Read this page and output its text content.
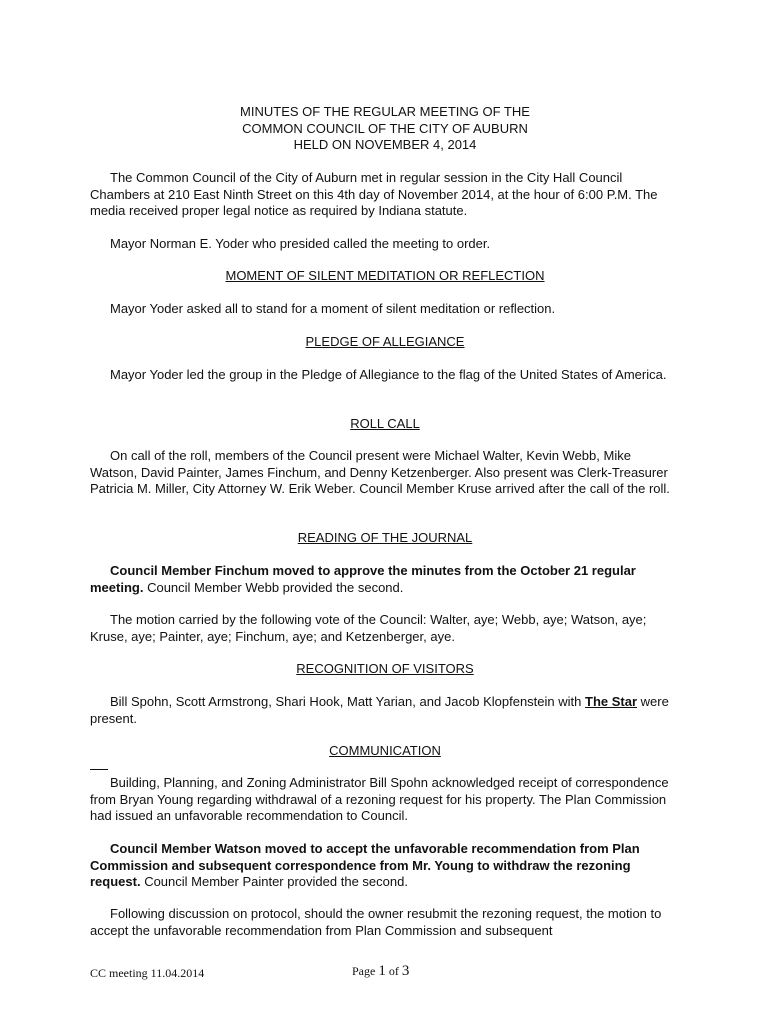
MINUTES OF THE REGULAR MEETING OF THE
COMMON COUNCIL OF THE CITY OF AUBURN
HELD ON NOVEMBER 4, 2014
The Common Council of the City of Auburn met in regular session in the City Hall Council Chambers at 210 East Ninth Street on this 4th day of November 2014, at the hour of 6:00 P.M. The media received proper legal notice as required by Indiana statute.
Mayor Norman E. Yoder who presided called the meeting to order.
MOMENT OF SILENT MEDITATION OR REFLECTION
Mayor Yoder asked all to stand for a moment of silent meditation or reflection.
PLEDGE OF ALLEGIANCE
Mayor Yoder led the group in the Pledge of Allegiance to the flag of the United States of America.
ROLL CALL
On call of the roll, members of the Council present were Michael Walter, Kevin Webb, Mike Watson, David Painter, James Finchum, and Denny Ketzenberger. Also present was Clerk-Treasurer Patricia M. Miller, City Attorney W. Erik Weber. Council Member Kruse arrived after the call of the roll.
READING OF THE JOURNAL
Council Member Finchum moved to approve the minutes from the October 21 regular meeting. Council Member Webb provided the second.
The motion carried by the following vote of the Council: Walter, aye; Webb, aye; Watson, aye; Kruse, aye; Painter, aye; Finchum, aye; and Ketzenberger, aye.
RECOGNITION OF VISITORS
Bill Spohn, Scott Armstrong, Shari Hook, Matt Yarian, and Jacob Klopfenstein with The Star were present.
COMMUNICATION
Building, Planning, and Zoning Administrator Bill Spohn acknowledged receipt of correspondence from Bryan Young regarding withdrawal of a rezoning request for his property. The Plan Commission had issued an unfavorable recommendation to Council.
Council Member Watson moved to accept the unfavorable recommendation from Plan Commission and subsequent correspondence from Mr. Young to withdraw the rezoning request. Council Member Painter provided the second.
Following discussion on protocol, should the owner resubmit the rezoning request, the motion to accept the unfavorable recommendation from Plan Commission and subsequent
CC meeting 11.04.2014	Page 1 of 3
